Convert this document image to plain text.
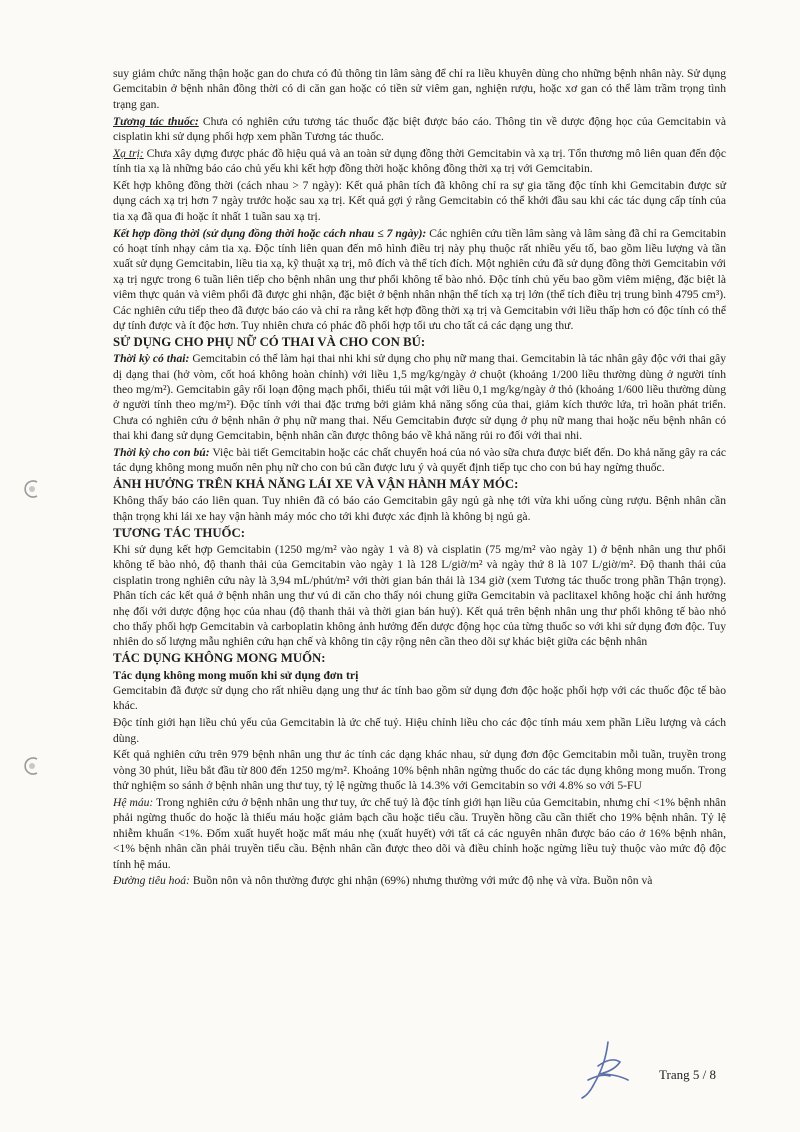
suy giảm chức năng thận hoặc gan do chưa có đủ thông tin lâm sàng để chỉ ra liều khuyên dùng cho những bệnh nhân này. Sử dụng Gemcitabin ở bệnh nhân đồng thời có di căn gan hoặc có tiền sử viêm gan, nghiện rượu, hoặc xơ gan có thể làm trầm trọng tình trạng gan.

Tương tác thuốc: Chưa có nghiên cứu tương tác thuốc đặc biệt được báo cáo. Thông tin về dược động học của Gemcitabin và cisplatin khi sử dụng phối hợp xem phần Tương tác thuốc.

Xạ trị: Chưa xây dựng được phác đồ hiệu quả và an toàn sử dụng đồng thời Gemcitabin và xạ trị. Tổn thương mô liên quan đến độc tính tia xạ là những báo cáo chủ yếu khi kết hợp đồng thời hoặc không đồng thời xạ trị với Gemcitabin.

Kết hợp không đồng thời (cách nhau > 7 ngày): Kết quả phân tích đã không chỉ ra sự gia tăng độc tính khi Gemcitabin được sử dụng cách xạ trị hơn 7 ngày trước hoặc sau xạ trị. Kết quả gợi ý rằng Gemcitabin có thể khởi đầu sau khi các tác dụng cấp tính của tia xạ đã qua đi hoặc ít nhất 1 tuần sau xạ trị.

Kết hợp đồng thời (sử dụng đồng thời hoặc cách nhau ≤ 7 ngày): Các nghiên cứu tiền lâm sàng và lâm sàng đã chỉ ra Gemcitabin có hoạt tính nhạy cảm tia xạ. Độc tính liên quan đến mô hình điều trị này phụ thuộc rất nhiều yếu tố, bao gồm liều lượng và tần xuất sử dụng Gemcitabin, liều tia xạ, kỹ thuật xạ trị, mô đích và thể tích đích. Một nghiên cứu đã sử dụng đồng thời Gemcitabin với xạ trị ngực trong 6 tuần liên tiếp cho bệnh nhân ung thư phổi không tế bào nhỏ. Độc tính chủ yếu bao gồm viêm miệng, đặc biệt là viêm thực quản và viêm phổi đã được ghi nhận, đặc biệt ở bệnh nhân nhận thể tích xạ trị lớn (thể tích điều trị trung bình 4795 cm³). Các nghiên cứu tiếp theo đã được báo cáo và chỉ ra rằng kết hợp đồng thời xạ trị và Gemcitabin với liều thấp hơn có độc tính có thể dự tính được và ít độc hơn. Tuy nhiên chưa có phác đồ phối hợp tối ưu cho tất cả các dạng ung thư.

SỬ DỤNG CHO PHỤ NỮ CÓ THAI VÀ CHO CON BÚ:

Thời kỳ có thai: Gemcitabin có thể làm hại thai nhi khi sử dụng cho phụ nữ mang thai. Gemcitabin là tác nhân gây độc với thai gây dị dạng thai (hở vòm, cốt hoá không hoàn chỉnh) với liều 1,5 mg/kg/ngày ở chuột (khoảng 1/200 liều thường dùng ở người tính theo mg/m²). Gemcitabin gây rối loạn động mạch phổi, thiếu túi mật với liều 0,1 mg/kg/ngày ở thỏ (khoảng 1/600 liều thường dùng ở người tính theo mg/m²). Độc tính với thai đặc trưng bởi giảm khả năng sống của thai, giảm kích thước lứa, trì hoãn phát triển. Chưa có nghiên cứu ở bệnh nhân ở phụ nữ mang thai. Nếu Gemcitabin được sử dụng ở phụ nữ mang thai hoặc nếu bệnh nhân có thai khi đang sử dụng Gemcitabin, bệnh nhân cần được thông báo về khả năng rủi ro đối với thai nhi.

Thời kỳ cho con bú: Việc bài tiết Gemcitabin hoặc các chất chuyển hoá của nó vào sữa chưa được biết đến. Do khả năng gây ra các tác dụng không mong muốn nên phụ nữ cho con bú cần được lưu ý và quyết định tiếp tục cho con bú hay ngừng thuốc.

ẢNH HƯỞNG TRÊN KHẢ NĂNG LÁI XE VÀ VẬN HÀNH MÁY MÓC:

Không thấy báo cáo liên quan. Tuy nhiên đã có báo cáo Gemcitabin gây ngủ gà nhẹ tới vừa khi uống cùng rượu. Bệnh nhân cần thận trọng khi lái xe hay vận hành máy móc cho tới khi được xác định là không bị ngủ gà.

TƯƠNG TÁC THUỐC:

Khi sử dụng kết hợp Gemcitabin (1250 mg/m² vào ngày 1 và 8) và cisplatin (75 mg/m² vào ngày 1) ở bệnh nhân ung thư phổi không tế bào nhỏ, độ thanh thải của Gemcitabin vào ngày 1 là 128 L/giờ/m² và ngày thứ 8 là 107 L/giờ/m². Độ thanh thải của cisplatin trong nghiên cứu này là 3,94 mL/phút/m² với thời gian bán thải là 134 giờ (xem Tương tác thuốc trong phần Thận trọng). Phân tích các kết quả ở bệnh nhân ung thư vú di căn cho thấy nói chung giữa Gemcitabin và paclitaxel không hoặc chỉ ảnh hưởng nhẹ đối với dược động học của nhau (độ thanh thải và thời gian bán huỷ). Kết quả trên bệnh nhân ung thư phổi không tế bào nhỏ cho thấy phối hợp Gemcitabin và carboplatin không ảnh hưởng đến dược động học của từng thuốc so với khi sử dụng đơn độc. Tuy nhiên do số lượng mẫu nghiên cứu hạn chế và không tin cậy rộng nên cần theo dõi sự khác biệt giữa các bệnh nhân

TÁC DỤNG KHÔNG MONG MUỐN:
Tác dụng không mong muốn khi sử dụng đơn trị

Gemcitabin đã được sử dụng cho rất nhiều dạng ung thư ác tính bao gồm sử dụng đơn độc hoặc phối hợp với các thuốc độc tế bào khác.

Độc tính giới hạn liều chủ yếu của Gemcitabin là ức chế tuỷ. Hiệu chỉnh liều cho các độc tính máu xem phần Liều lượng và cách dùng.

Kết quả nghiên cứu trên 979 bệnh nhân ung thư ác tính các dạng khác nhau, sử dụng đơn độc Gemcitabin mỗi tuần, truyền trong vòng 30 phút, liều bắt đầu từ 800 đến 1250 mg/m². Khoảng 10% bệnh nhân ngừng thuốc do các tác dụng không mong muốn. Trong thử nghiệm so sánh ở bệnh nhân ung thư tuy, tỷ lệ ngừng thuốc là 14.3% với Gemcitabin so với 4.8% so với 5-FU

Hệ máu: Trong nghiên cứu ở bệnh nhân ung thư tuy, ức chế tuỷ là độc tính giới hạn liều của Gemcitabin, nhưng chỉ <1% bệnh nhân phải ngừng thuốc do hoặc là thiếu máu hoặc giảm bạch cầu hoặc tiểu cầu. Truyền hồng cầu cần thiết cho 19% bệnh nhân. Tỷ lệ nhiễm khuẩn <1%. Đốm xuất huyết hoặc mất máu nhẹ (xuất huyết) với tất cả các nguyên nhân được báo cáo ở 16% bệnh nhân, <1% bệnh nhân cần phải truyền tiểu cầu. Bệnh nhân cần được theo dõi và điều chỉnh hoặc ngừng liều tuỳ thuộc vào mức độ độc tính hệ máu.

Đường tiêu hoá: Buồn nôn và nôn thường được ghi nhận (69%) nhưng thường với mức độ nhẹ và vừa. Buồn nôn và

Trang 5 / 8
